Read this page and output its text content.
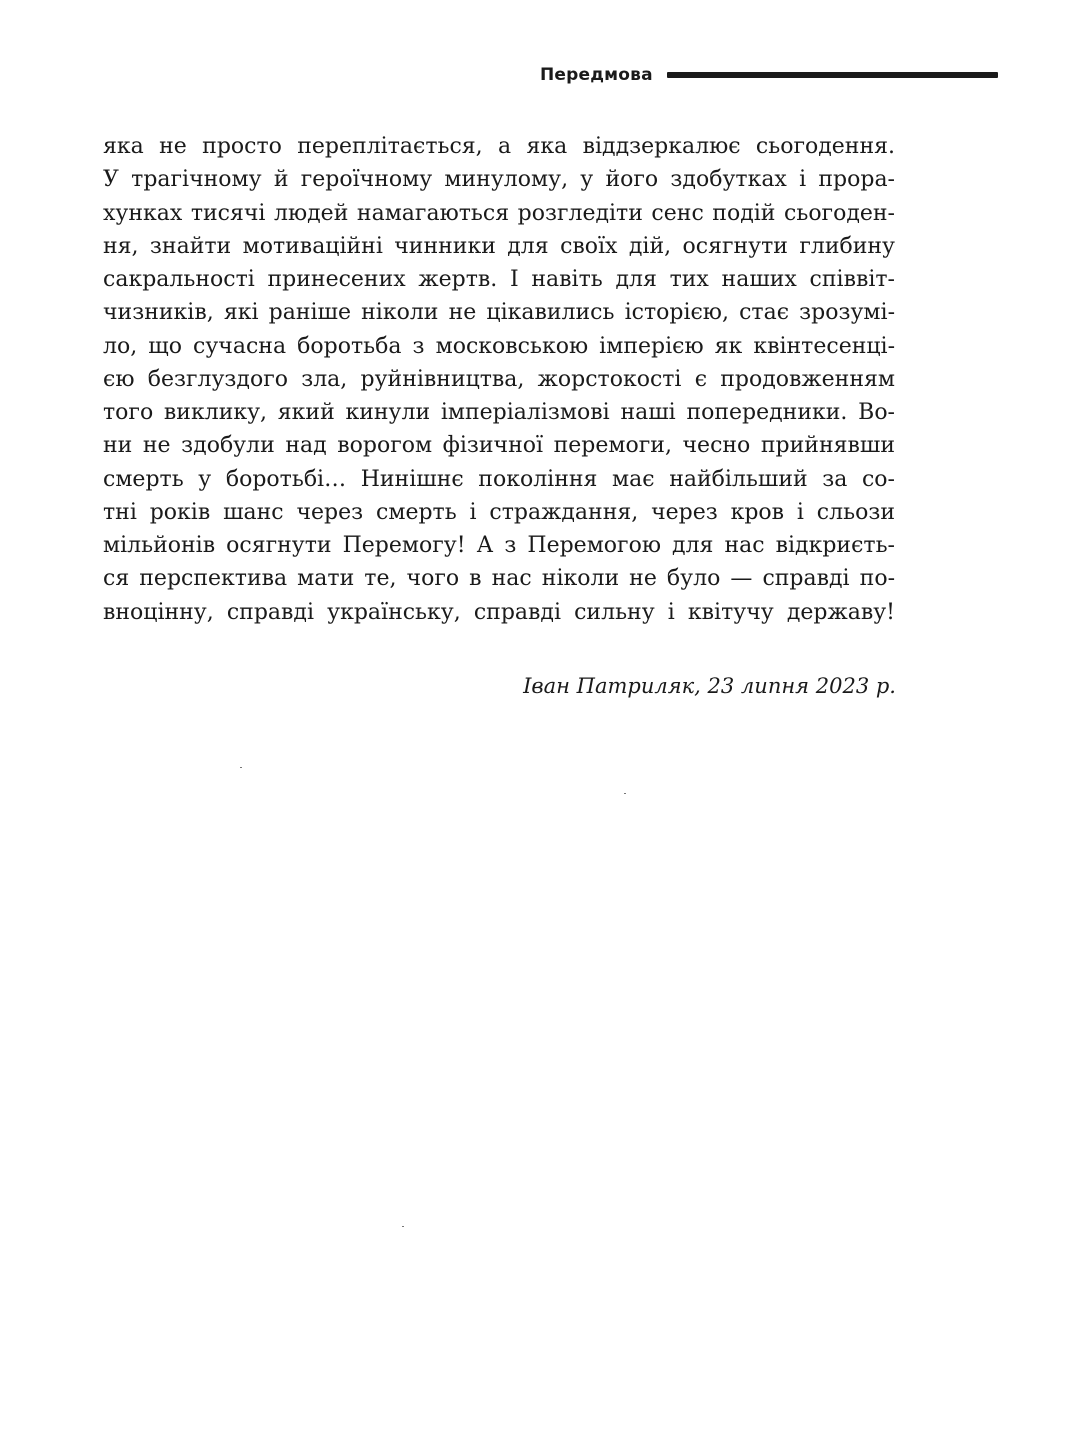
Передмова
яка не просто переплітається, а яка віддзеркалює сьогодення.
У трагічному й героїчному минулому, у його здобутках і прора-
хунках тисячі людей намагаються розгледіти сенс подій сьогоден-
ня, знайти мотиваційні чинники для своїх дій, осягнути глибину
сакральності принесених жертв. І навіть для тих наших співвіт-
чизників, які раніше ніколи не цікавились історією, стає зрозумі-
ло, що сучасна боротьба з московською імперією як квінтесенці-
єю безглуздого зла, руйнівництва, жорстокості є продовженням
того виклику, який кинули імперіалізмові наші попередники. Во-
ни не здобули над ворогом фізичної перемоги, чесно прийнявши
смерть у боротьбі… Нинішнє покоління має найбільший за со-
тні років шанс через смерть і страждання, через кров і сльози
мільйонів осягнути Перемогу! А з Перемогою для нас відкриєть-
ся перспектива мати те, чого в нас ніколи не було — справді по-
вноцінну, справді українську, справді сильну і квітучу державу!
Іван Патриляк, 23 липня 2023 р.
